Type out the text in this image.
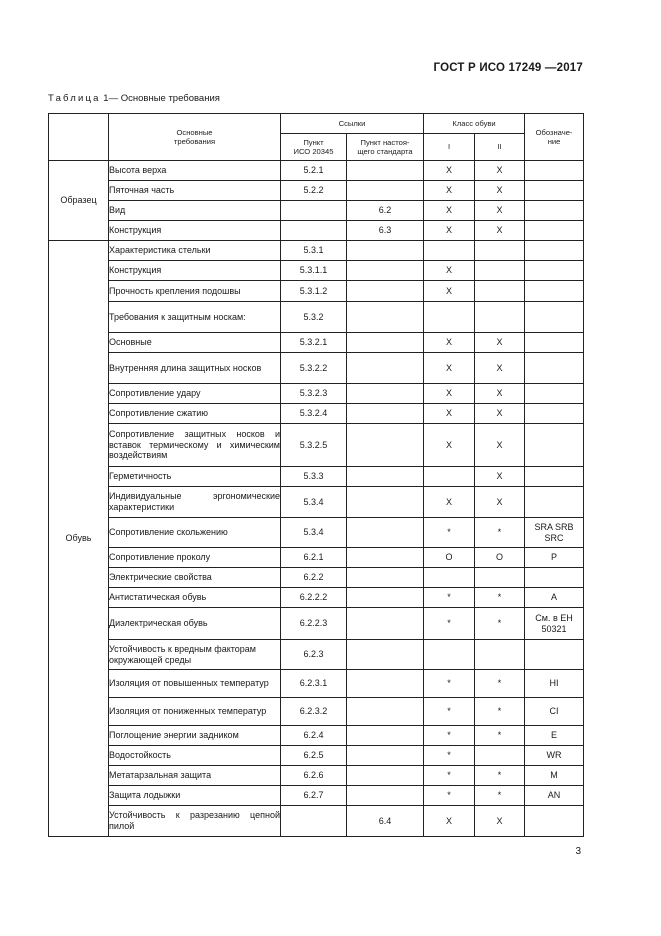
ГОСТ Р ИСО 17249 —2017
Таблица 1— Основные требования
	Основные
требования	Ссылки		Класс обуви		Обозначе-
ние
		Пункт
ИСО 20345	Пункт настоя-
щего стандарта	I	II	
Образец	Высота верха	5.2.1		X	X	
	Пяточная часть	5.2.2		X	X	
	Вид		6.2	X	X	
	Конструкция		6.3	X	X	
Обувь	Характеристика стельки	5.3.1				
	Конструкция	5.3.1.1		X		
	Прочность крепления подошвы	5.3.1.2		X		
	Требования к защитным носкам:	5.3.2				
	Основные	5.3.2.1		X	X	
	Внутренняя длина защитных носков	5.3.2.2		X	X	
	Сопротивление удару	5.3.2.3		X	X	
	Сопротивление сжатию	5.3.2.4		X	X	
	Сопротивление защитных носков и вставок термическому и химическим воздействиям	5.3.2.5		X	X	
	Герметичность	5.3.3			X	
	Индивидуальные эргономические характеристики	5.3.4		X	X	
	Сопротивление скольжению	5.3.4		*	*	SRA SRB SRC
	Сопротивление проколу	6.2.1		O	O	P
	Электрические свойства	6.2.2				
	Антистатическая обувь	6.2.2.2		*	*	A
	Диэлектрическая обувь	6.2.2.3		*	*	См. в ЕН 50321
	Устойчивость к вредным факторам окружающей среды	6.2.3				
	Изоляция от повышенных температур	6.2.3.1		*	*	HI
	Изоляция от пониженных температур	6.2.3.2		*	*	CI
	Поглощение энергии задником	6.2.4		*	*	E
	Водостойкость	6.2.5		*		WR
	Метатарзальная защита	6.2.6		*	*	M
	Защита лодыжки	6.2.7		*	*	AN
	Устойчивость к разрезанию цепной пилой		6.4	X	X	
3
